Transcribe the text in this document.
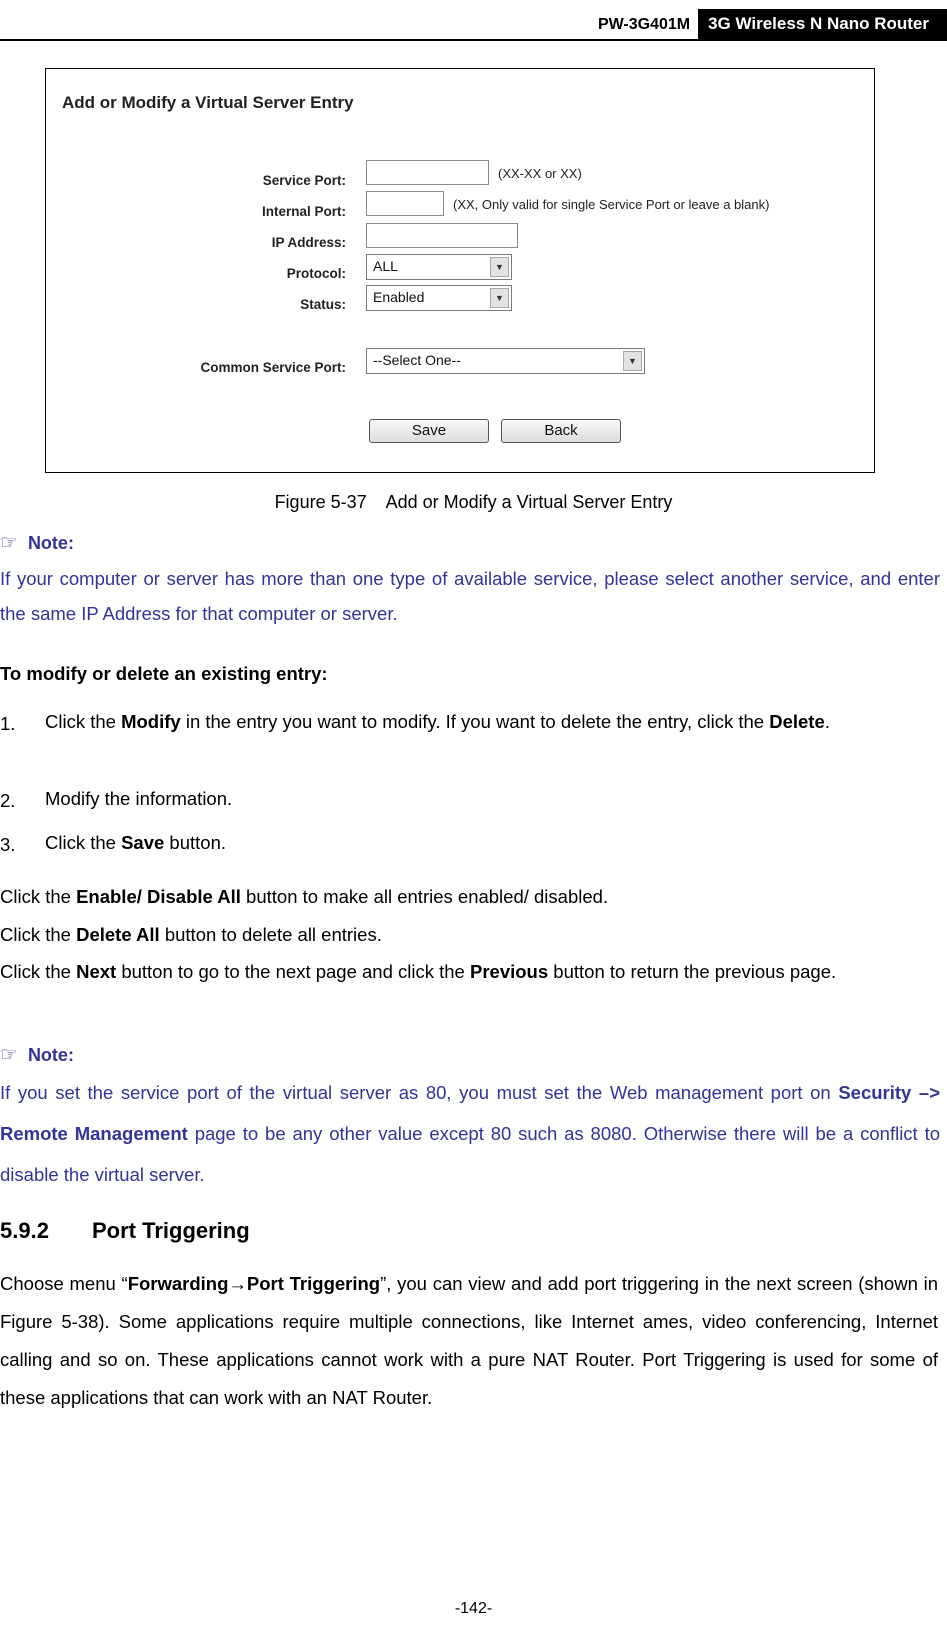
PW-3G401M	3G Wireless N Nano Router
Add or Modify a Virtual Server Entry
Service Port:	(XX-XX or XX)
Internal Port:	(XX, Only valid for single Service Port or leave a blank)
IP Address:
Protocol:	ALL	▼
Status:	Enabled	▼
Common Service Port:	--Select One--	▼
Save	Back
Figure 5-37    Add or Modify a Virtual Server Entry
☞ Note:
If your computer or server has more than one type of available service, please select another service, and enter the same IP Address for that computer or server.
To modify or delete an existing entry:
1. Click the Modify in the entry you want to modify. If you want to delete the entry, click the Delete.
2. Modify the information.
3. Click the Save button.
Click the Enable/ Disable All button to make all entries enabled/ disabled.
Click the Delete All button to delete all entries.
Click the Next button to go to the next page and click the Previous button to return the previous page.
☞ Note:
If you set the service port of the virtual server as 80, you must set the Web management port on Security –> Remote Management page to be any other value except 80 such as 8080. Otherwise there will be a conflict to disable the virtual server.
5.9.2 Port Triggering
Choose menu “Forwarding→Port Triggering”, you can view and add port triggering in the next screen (shown in Figure 5-38). Some applications require multiple connections, like Internet ames, video conferencing, Internet calling and so on. These applications cannot work with a pure NAT Router. Port Triggering is used for some of these applications that can work with an NAT Router.
-142-
